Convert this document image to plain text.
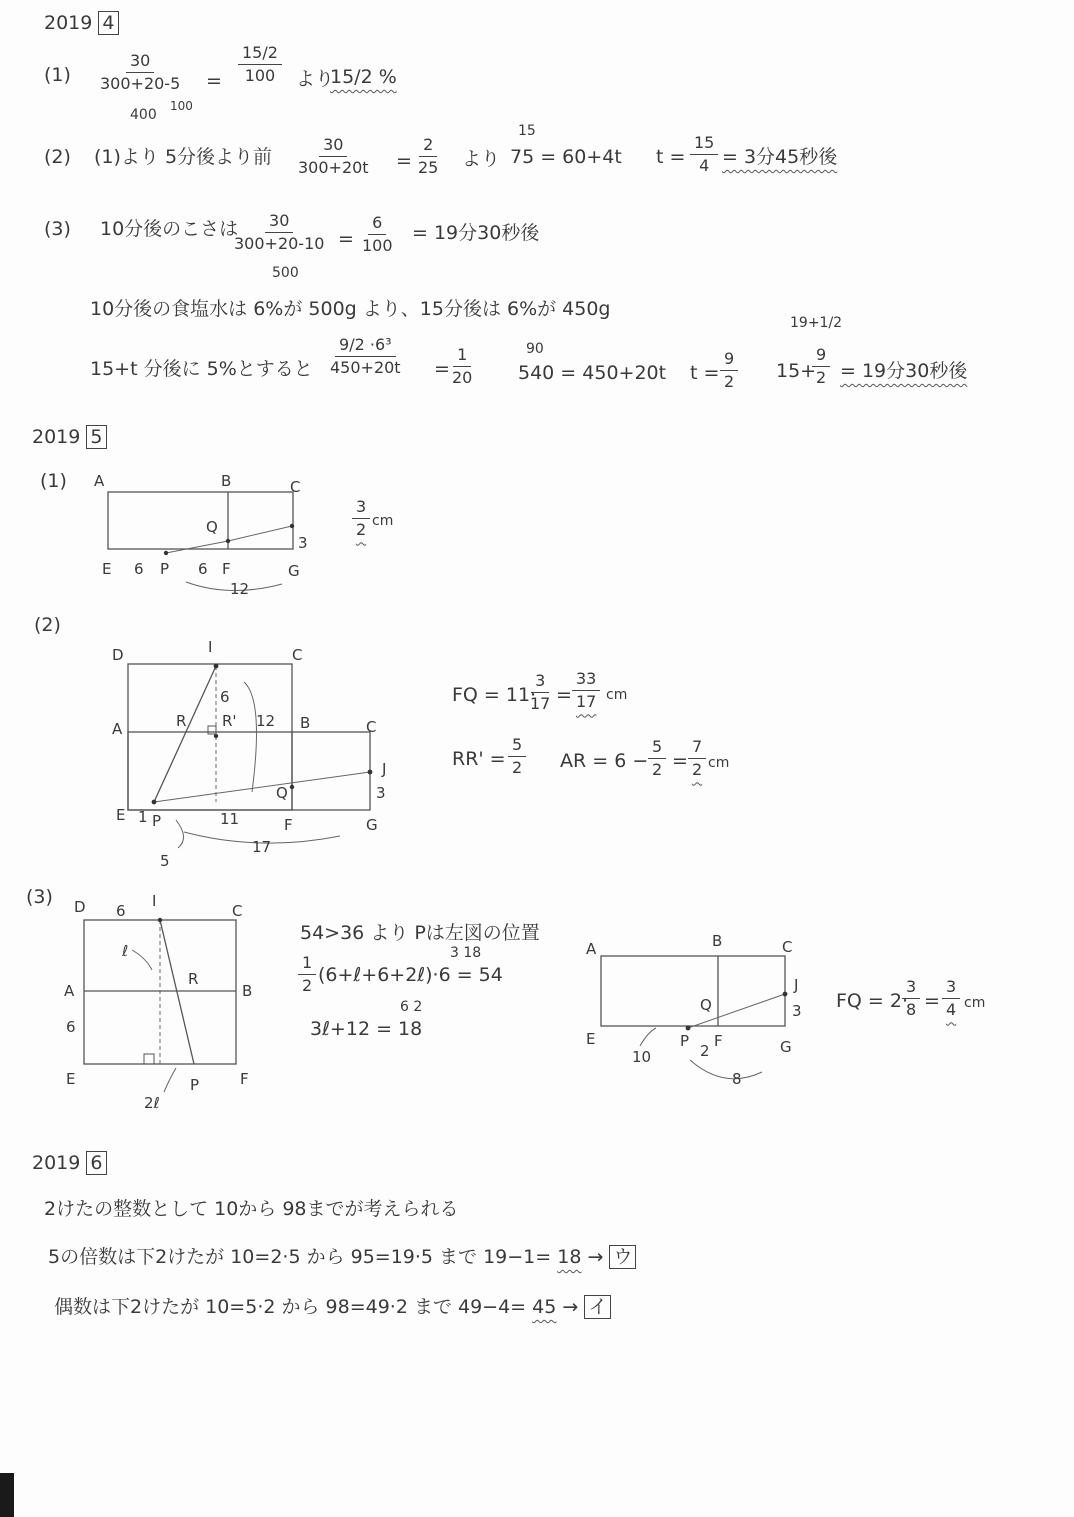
2019 4
$(1) \frac{30}{300+20-5}$
400
100
= $\frac{15/2}{100}$ より
15/2 %
(2) (1)より 5分後より前 $\frac{30}{300+20t} = \frac{2}{25}$ より
15
75 = 60+4t $t = \frac{15}{4} = 3$分45秒後
(3) 10分後のこさは
$\frac{30}{300+20-10}$
500
= $\frac{6}{100} = 19$分30秒後
10分後の食塩水は 6%が 500g より、15分後は 6%が 450g
15+t 分後に 5%とすると $\frac{\text{9/2 ·6³}}{450+20t} = \frac{1}{20}$	90
540 = 450+20t $t = \frac{9}{2}$
19+1/2
15+
$\frac{9}{2} = 19$分30秒後
2019 5
(1) A	B	C
Q
3
E 6 P 6 F	G
12
$\frac{3}{2}$ cm
(2)
D	I	C
6
A	R R' 12 B	C
J
3
Q
E 1 P	11	F	G
17
5
FQ = 11·
$\frac{3}{17} = \frac{33}{17}$ cm
$RR' = \frac{5}{2}$ AR = $6 - \frac{5}{2} = \frac{7}{2}$ cm
(3) D 6
I
C
ℓ
R
A	B
6
E	P	F
2ℓ
54>36 より Pは左図の位置
$\frac{1}{2}$
3 18
(6+ℓ+6+2ℓ)·6 = 54
6 2
3ℓ+12 = 18
A	B	C
J
3
Q
E
10
P
2
F	G
8
FQ = 2·
$\frac{3}{8} = \frac{3}{4}$ cm
2019 6
2けたの整数として 10から 98までが考えられる
5の倍数は下2けたが 10=2·5 から 95=19·5 まで 19−1= 18 → ウ
偶数は下2けたが 10=5·2 から 98=49·2 まで 49−4= 45 → イ
